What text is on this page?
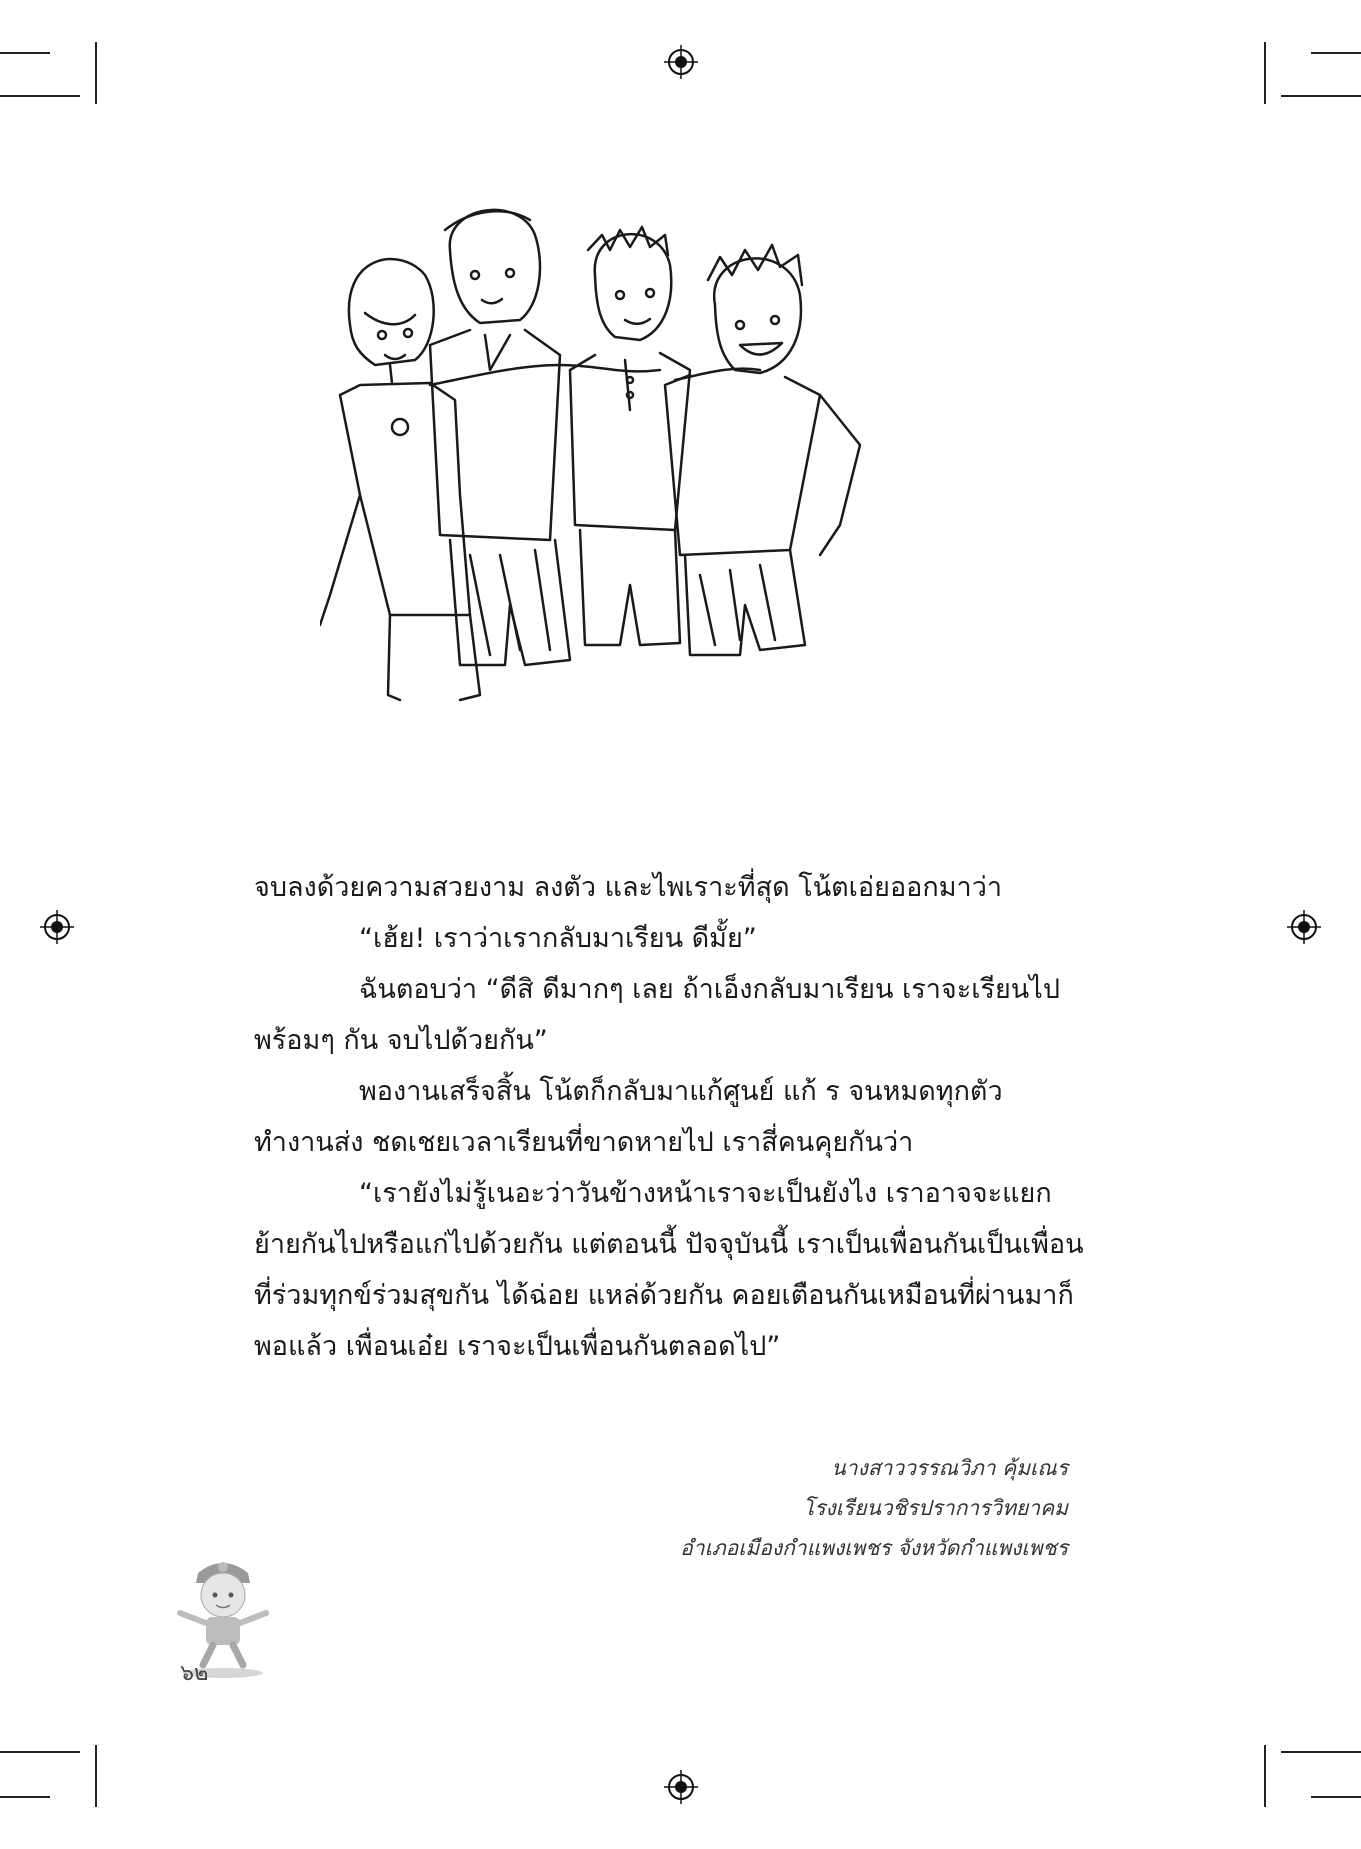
จบลงด้วยความสวยงาม ลงตัว และไพเราะที่สุด โน้ตเอ่ยออกมาว่า

“เฮ้ย! เราว่าเรากลับมาเรียน ดีมั้ย”

ฉันตอบว่า “ดีสิ ดีมากๆ เลย ถ้าเอ็งกลับมาเรียน เราจะเรียนไปพร้อมๆ กัน จบไปด้วยกัน”

พองานเสร็จสิ้น โน้ตก็กลับมาแก้ศูนย์ แก้ ร จนหมดทุกตัว ทำงานส่ง ชดเชยเวลาเรียนที่ขาดหายไป เราสี่คนคุยกันว่า

“เรายังไม่รู้เนอะว่าวันข้างหน้าเราจะเป็นยังไง เราอาจจะแยกย้ายกันไปหรือแก่ไปด้วยกัน แต่ตอนนี้ ปัจจุบันนี้ เราเป็นเพื่อนกันเป็นเพื่อนที่ร่วมทุกข์ร่วมสุขกัน ได้ฉ่อย แหล่ด้วยกัน คอยเตือนกันเหมือนที่ผ่านมาก็พอแล้ว เพื่อนเอ๋ย เราจะเป็นเพื่อนกันตลอดไป”

นางสาววรรณวิภา คุ้มเณร
โรงเรียนวชิรปราการวิทยาคม
อำเภอเมืองกำแพงเพชร จังหวัดกำแพงเพชร
๖๒
